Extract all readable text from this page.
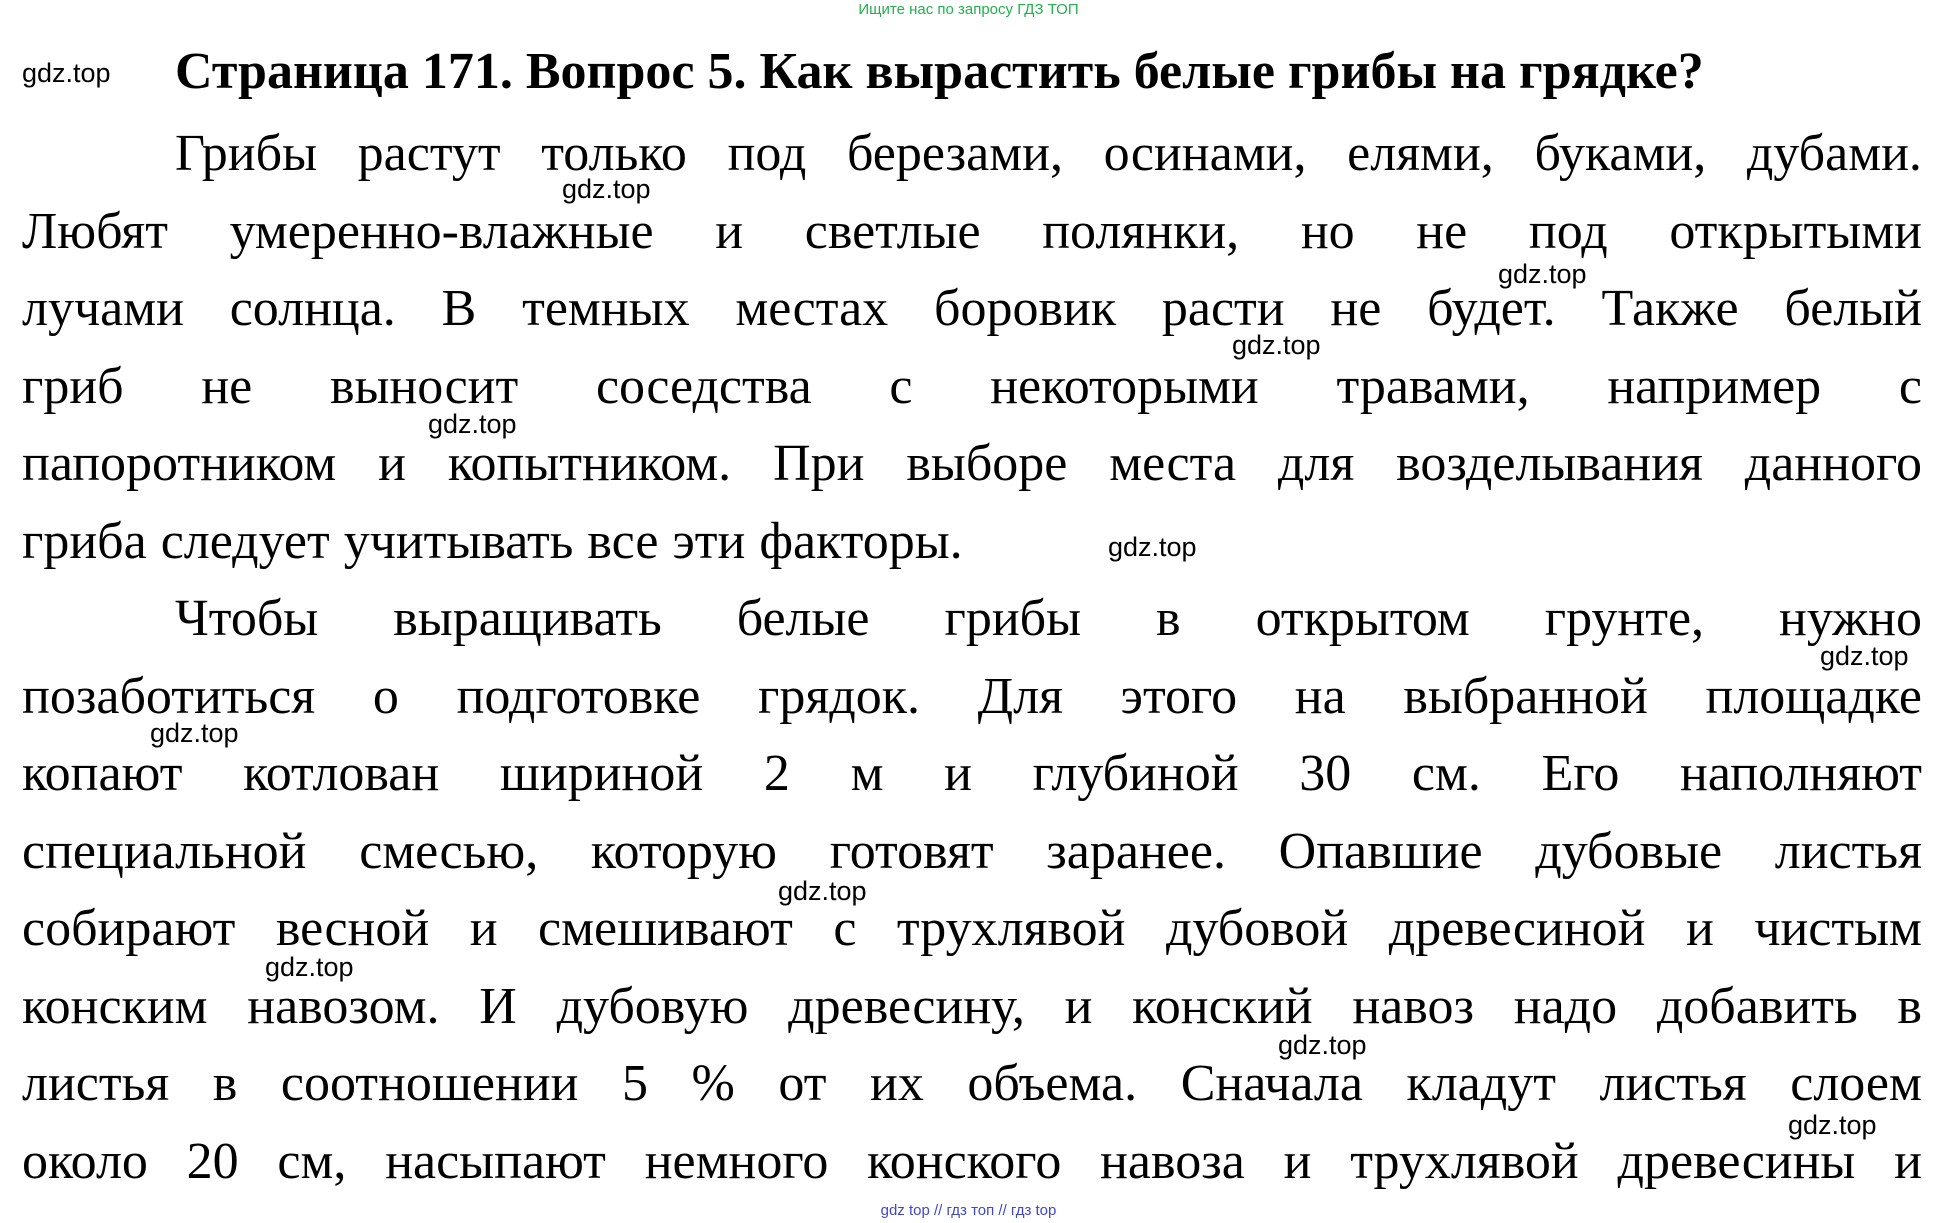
Ищите нас по запросу ГДЗ ТОП
Страница 171. Вопрос 5. Как вырастить белые грибы на грядке?
Грибы растут только под березами, осинами, елями, буками, дубами.
Любят умеренно-влажные и светлые полянки, но не под открытыми
лучами солнца. В темных местах боровик расти не будет. Также белый
гриб не выносит соседства с некоторыми травами, например с
папоротником и копытником. При выборе места для возделывания данного
гриба следует учитывать все эти факторы.
Чтобы выращивать белые грибы в открытом грунте, нужно
позаботиться о подготовке грядок. Для этого на выбранной площадке
копают котлован шириной 2 м и глубиной 30 см. Его наполняют
специальной смесью, которую готовят заранее. Опавшие дубовые листья
собирают весной и смешивают с трухлявой дубовой древесиной и чистым
конским навозом. И дубовую древесину, и конский навоз надо добавить в
листья в соотношении 5 % от их объема. Сначала кладут листья слоем
около 20 см, насыпают немного конского навоза и трухлявой древесины и
gdz.top
gdz.top
gdz.top
gdz.top
gdz.top
gdz.top
gdz.top
gdz.top
gdz.top
gdz.top
gdz.top
gdz.top
gdz top // гдз топ // гдз top
